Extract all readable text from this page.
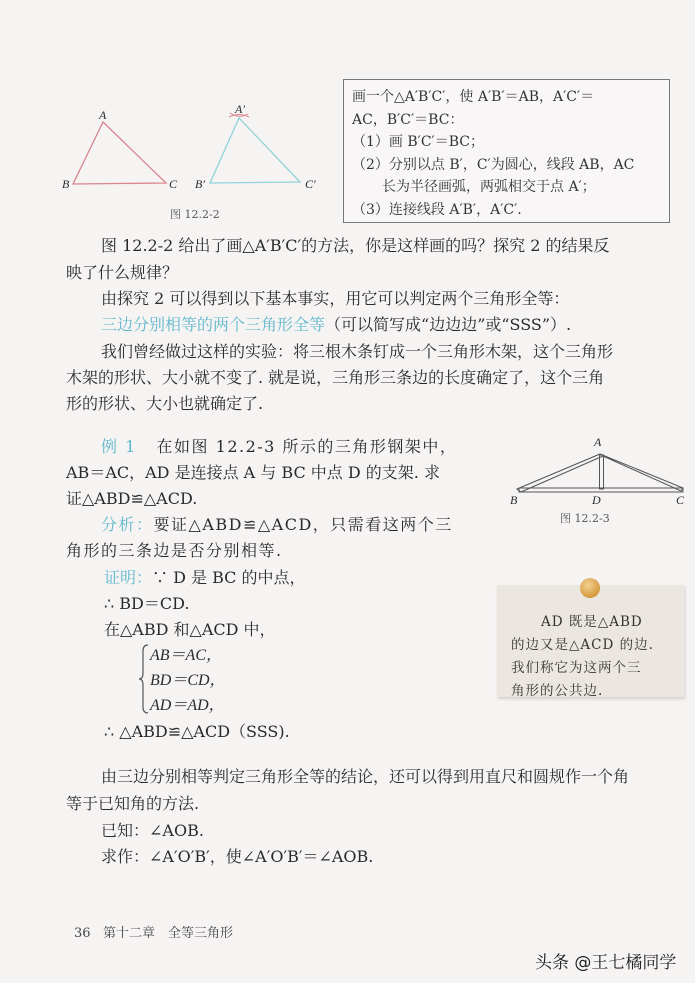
A
B	C
A′
B′	C′
图 12.2-2
画一个△A′B′C′，使 A′B′＝AB，A′C′＝
AC，B′C′＝BC：
（1）画 B′C′＝BC；
（2）分别以点 B′，C′为圆心，线段 AB，AC
长为半径画弧，两弧相交于点 A′；
（3）连接线段 A′B′，A′C′.
图 12.2-2 给出了画△A′B′C′的方法，你是这样画的吗？探究 2 的结果反
映了什么规律？
由探究 2 可以得到以下基本事实，用它可以判定两个三角形全等：
三边分别相等的两个三角形全等（可以简写成“边边边”或“SSS”）.
我们曾经做过这样的实验：将三根木条钉成一个三角形木架，这个三角形
木架的形状、大小就不变了. 就是说，三角形三条边的长度确定了，这个三角
形的形状、大小也就确定了.
例 1 在如图 12.2-3 所示的三角形钢架中，
AB＝AC，AD 是连接点 A 与 BC 中点 D 的支架. 求
证△ABD≌△ACD.
A
B	D	C
图 12.2-3
分析：要证△ABD≌△ACD，只需看这两个三
角形的三条边是否分别相等.
证明：∵ D 是 BC 的中点，
∴ BD＝CD.
在△ABD 和△ACD 中，
AB＝AC，
BD＝CD，
AD＝AD，
∴ △ABD≌△ACD（SSS).
AD 既是△ABD
的边又是△ACD 的边.
我们称它为这两个三
角形的公共边.
由三边分别相等判定三角形全等的结论，还可以得到用直尺和圆规作一个角
等于已知角的方法.
已知：∠AOB.
求作：∠A′O′B′，使∠A′O′B′＝∠AOB.
36 第十二章　全等三角形
头条 @王七橘同学
